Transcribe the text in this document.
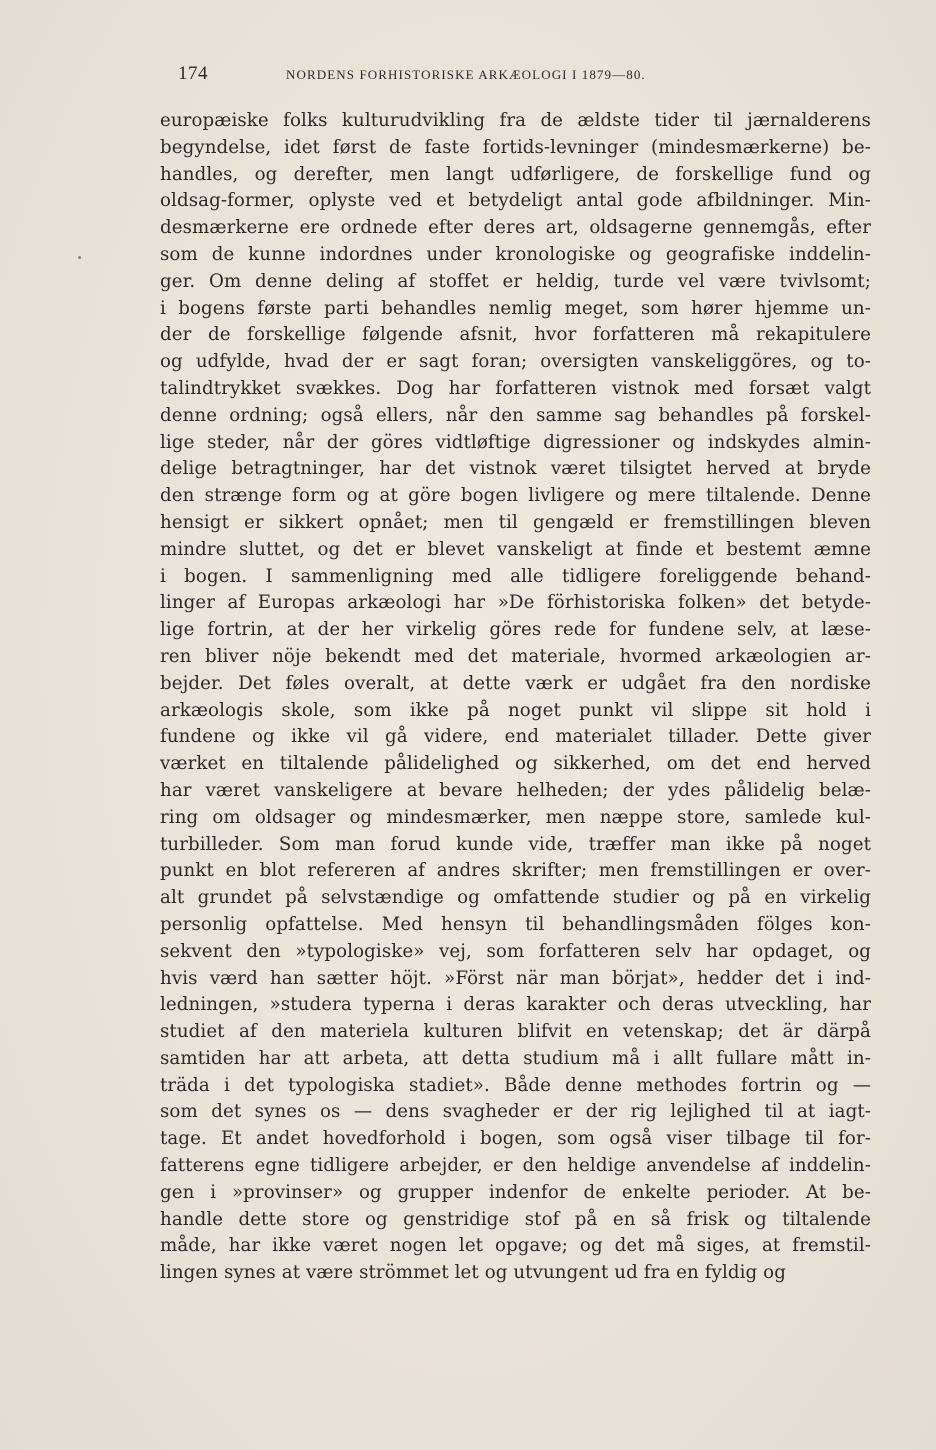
174	NORDENS FORHISTORISKE ARKÆOLOGI I 1879—80.
europæiske folks kulturudvikling fra de ældste tider til jærnalderens
begyndelse, idet først de faste fortids-levninger (mindesmærkerne) be-
handles, og derefter, men langt udførligere, de forskellige fund og
oldsag-former, oplyste ved et betydeligt antal gode afbildninger. Min-
desmærkerne ere ordnede efter deres art, oldsagerne gennemgås, efter
som de kunne indordnes under kronologiske og geografiske inddelin-
ger. Om denne deling af stoffet er heldig, turde vel være tvivlsomt;
i bogens første parti behandles nemlig meget, som hører hjemme un-
der de forskellige følgende afsnit, hvor forfatteren må rekapitulere
og udfylde, hvad der er sagt foran; oversigten vanskeliggöres, og to-
talindtrykket svækkes. Dog har forfatteren vistnok med forsæt valgt
denne ordning; også ellers, når den samme sag behandles på forskel-
lige steder, når der göres vidtløftige digressioner og indskydes almin-
delige betragtninger, har det vistnok været tilsigtet herved at bryde
den strænge form og at göre bogen livligere og mere tiltalende. Denne
hensigt er sikkert opnået; men til gengæld er fremstillingen bleven
mindre sluttet, og det er blevet vanskeligt at finde et bestemt æmne
i bogen. I sammenligning med alle tidligere foreliggende behand-
linger af Europas arkæologi har »De förhistoriska folken» det betyde-
lige fortrin, at der her virkelig göres rede for fundene selv, at læse-
ren bliver nöje bekendt med det materiale, hvormed arkæologien ar-
bejder. Det føles overalt, at dette værk er udgået fra den nordiske
arkæologis skole, som ikke på noget punkt vil slippe sit hold i
fundene og ikke vil gå videre, end materialet tillader. Dette giver
værket en tiltalende pålidelighed og sikkerhed, om det end herved
har været vanskeligere at bevare helheden; der ydes pålidelig belæ-
ring om oldsager og mindesmærker, men næppe store, samlede kul-
turbilleder. Som man forud kunde vide, træffer man ikke på noget
punkt en blot refereren af andres skrifter; men fremstillingen er over-
alt grundet på selvstændige og omfattende studier og på en virkelig
personlig opfattelse. Med hensyn til behandlingsmåden fölges kon-
sekvent den »typologiske» vej, som forfatteren selv har opdaget, og
hvis værd han sætter höjt. »Först när man börjat», hedder det i ind-
ledningen, »studera typerna i deras karakter och deras utveckling, har
studiet af den materiela kulturen blifvit en vetenskap; det är därpå
samtiden har att arbeta, att detta studium må i allt fullare mått in-
träda i det typologiska stadiet». Både denne methodes fortrin og —
som det synes os — dens svagheder er der rig lejlighed til at iagt-
tage. Et andet hovedforhold i bogen, som også viser tilbage til for-
fatterens egne tidligere arbejder, er den heldige anvendelse af inddelin-
gen i »provinser» og grupper indenfor de enkelte perioder. At be-
handle dette store og genstridige stof på en så frisk og tiltalende
måde, har ikke været nogen let opgave; og det må siges, at fremstil-
lingen synes at være strömmet let og utvungent ud fra en fyldig og
